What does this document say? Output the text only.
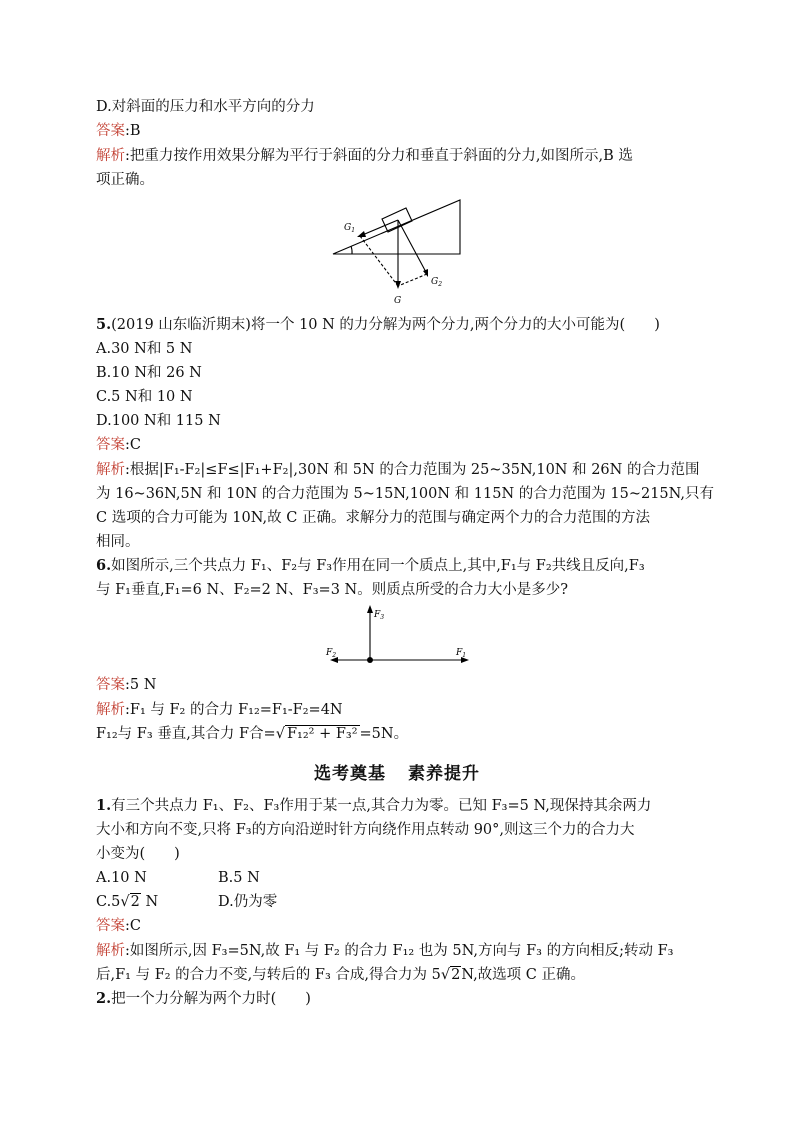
D.对斜面的压力和水平方向的分力
答案:B
解析:把重力按作用效果分解为平行于斜面的分力和垂直于斜面的分力,如图所示,B 选
项正确。
$G_1$
$G_2$
G
5.(2019 山东临沂期末)将一个 10 N 的力分解为两个分力,两个分力的大小可能为(　　)
A.30 N和 5 N
B.10 N和 26 N
C.5 N和 10 N
D.100 N和 115 N
答案:C
解析:根据|F₁-F₂|≤F≤|F₁+F₂|,30N 和 5N 的合力范围为 25~35N,10N 和 26N 的合力范围
为 16~36N,5N 和 10N 的合力范围为 5~15N,100N 和 115N 的合力范围为 15~215N,只有
C 选项的合力可能为 10N,故 C 正确。求解分力的范围与确定两个力的合力范围的方法
相同。
6.如图所示,三个共点力 F₁、F₂与 F₃作用在同一个质点上,其中,F₁与 F₂共线且反向,F₃
与 F₁垂直,F₁=6 N、F₂=2 N、F₃=3 N。则质点所受的合力大小是多少?
$F_3$
$F_2$	$F_1$
答案:5 N
解析:F₁ 与 F₂ 的合力 F₁₂=F₁-F₂=4N
F₁₂与 F₃ 垂直,其合力 F合=√ F₁₂² + F₃² =5N。
选考奠基 素养提升
1.有三个共点力 F₁、F₂、F₃作用于某一点,其合力为零。已知 F₃=5 N,现保持其余两力
大小和方向不变,只将 F₃的方向沿逆时针方向绕作用点转动 90°,则这三个力的合力大
小变为(　　)
A.10 N	B.5 N
C.5√2 N	D.仍为零
答案:C
解析:如图所示,因 F₃=5N,故 F₁ 与 F₂ 的合力 F₁₂ 也为 5N,方向与 F₃ 的方向相反;转动 F₃
后,F₁ 与 F₂ 的合力不变,与转后的 F₃ 合成,得合力为 5√2N,故选项 C 正确。
2.把一个力分解为两个力时(　　)
